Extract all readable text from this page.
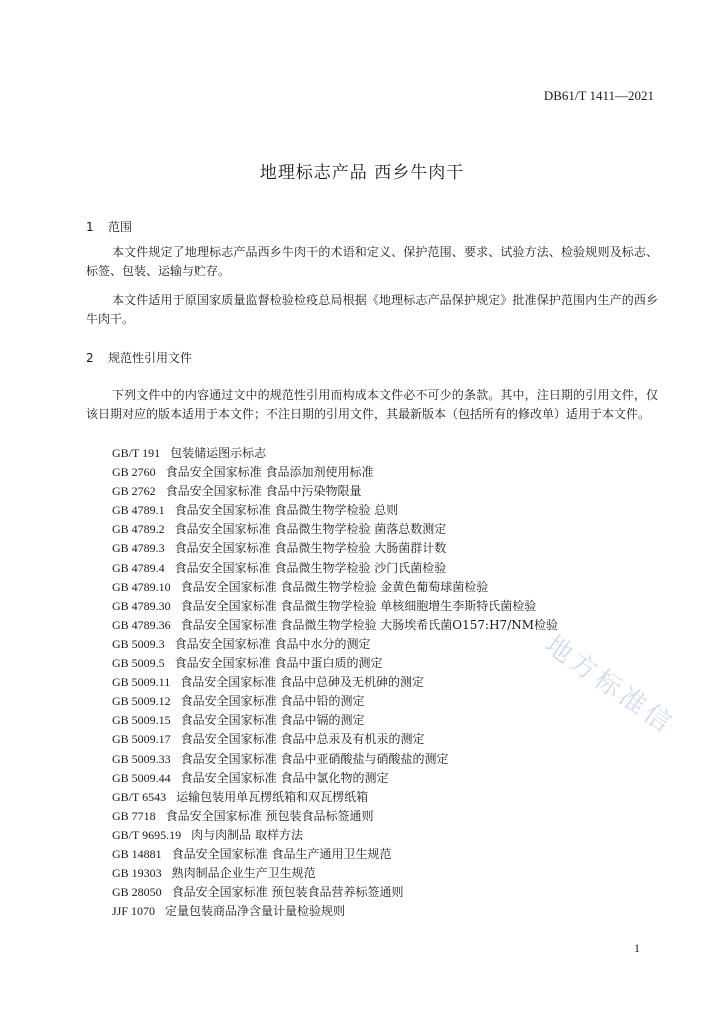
DB61/T 1411—2021
地理标志产品 西乡牛肉干
1 范围

本文件规定了地理标志产品西乡牛肉干的术语和定义、保护范围、要求、试验方法、检验规则及标志、标签、包装、运输与贮存。

本文件适用于原国家质量监督检验检疫总局根据《地理标志产品保护规定》批准保护范围内生产的西乡牛肉干。

2 规范性引用文件

下列文件中的内容通过文中的规范性引用而构成本文件必不可少的条款。其中，注日期的引用文件，仅该日期对应的版本适用于本文件；不注日期的引用文件，其最新版本（包括所有的修改单）适用于本文件。

GB/T 191 包装储运图示标志
GB 2760 食品安全国家标准 食品添加剂使用标准
GB 2762 食品安全国家标准 食品中污染物限量
GB 4789.1 食品安全国家标准 食品微生物学检验 总则
GB 4789.2 食品安全国家标准 食品微生物学检验 菌落总数测定
GB 4789.3 食品安全国家标准 食品微生物学检验 大肠菌群计数
GB 4789.4 食品安全国家标准 食品微生物学检验 沙门氏菌检验
GB 4789.10 食品安全国家标准 食品微生物学检验 金黄色葡萄球菌检验
GB 4789.30 食品安全国家标准 食品微生物学检验 单核细胞增生李斯特氏菌检验
GB 4789.36 食品安全国家标准 食品微生物学检验 大肠埃希氏菌O157:H7/NM检验
GB 5009.3 食品安全国家标准 食品中水分的测定
GB 5009.5 食品安全国家标准 食品中蛋白质的测定
GB 5009.11 食品安全国家标准 食品中总砷及无机砷的测定
GB 5009.12 食品安全国家标准 食品中铅的测定
GB 5009.15 食品安全国家标准 食品中镉的测定
GB 5009.17 食品安全国家标准 食品中总汞及有机汞的测定
GB 5009.33 食品安全国家标准 食品中亚硝酸盐与硝酸盐的测定
GB 5009.44 食品安全国家标准 食品中氯化物的测定
GB/T 6543 运输包装用单瓦楞纸箱和双瓦楞纸箱
GB 7718 食品安全国家标准 预包装食品标签通则
GB/T 9695.19 肉与肉制品 取样方法
GB 14881 食品安全国家标准 食品生产通用卫生规范
GB 19303 熟肉制品企业生产卫生规范
GB 28050 食品安全国家标准 预包装食品营养标签通则
JJF 1070 定量包装商品净含量计量检验规则
地方标准信
1
